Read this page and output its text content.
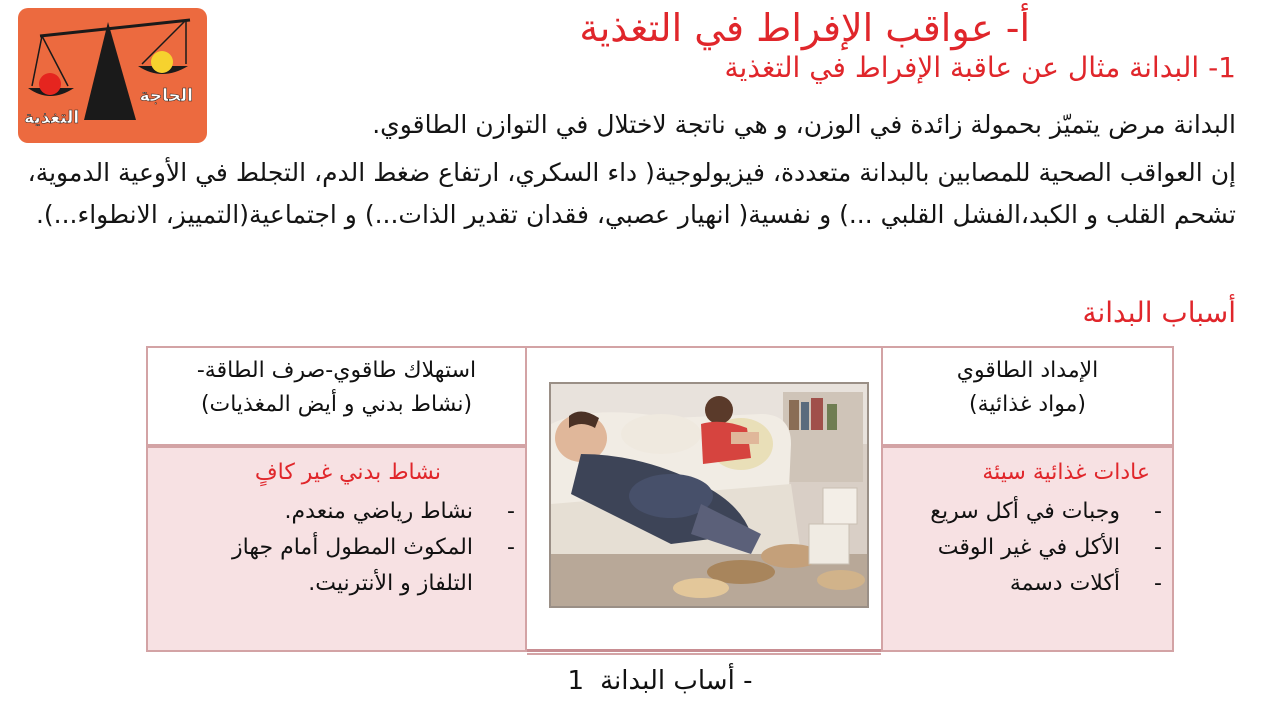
الحاجة
التغذية
أ- عواقب الإفراط في التغذية
1- البدانة مثال عن عاقبة الإفراط في التغذية
البدانة مرض يتميّز بحمولة زائدة في الوزن، و هي ناتجة لاختلال في التوازن الطاقوي.
إن العواقب الصحية للمصابين بالبدانة متعددة، فيزيولوجية( داء السكري، ارتفاع ضغط الدم، التجلط في الأوعية الدموية، تشحم القلب و الكبد،الفشل القلبي ...) و نفسية( انهيار عصبي، فقدان تقدير الذات...) و اجتماعية(التمييز، الانطواء...).
أسباب البدانة
استهلاك طاقوي-صرف الطاقة-
(نشاط بدني و أيض المغذيات)
الإمداد الطاقوي
(مواد غذائية)
عادات غذائية سيئة
-
وجبات في أكل سريع
-
الأكل في غير الوقت
-
أكلات دسمة
نشاط بدني غير كافٍ
-
نشاط رياضي منعدم.
-
المكوث المطول أمام جهاز التلفاز و الأنترنيت.
1 - أساب البدانة
